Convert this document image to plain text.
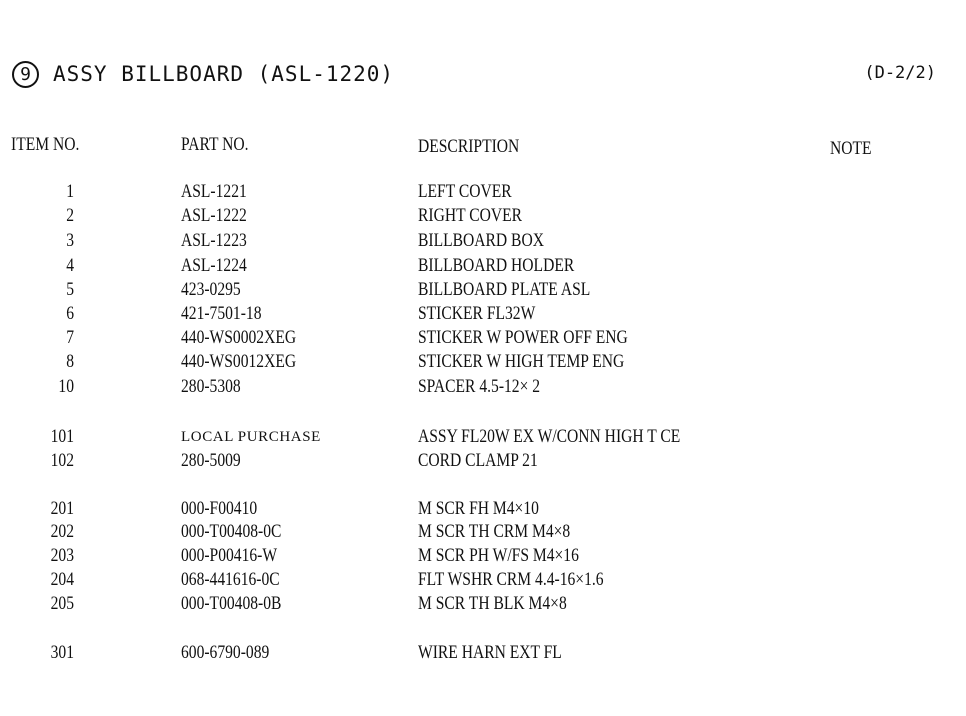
9	ASSY BILLBOARD (ASL-1220)	(D-2/2)
ITEM NO.	PART NO.	DESCRIPTION	NOTE
1	ASL-1221	LEFT COVER
2	ASL-1222	RIGHT COVER
3	ASL-1223	BILLBOARD BOX
4	ASL-1224	BILLBOARD HOLDER
5	423-0295	BILLBOARD PLATE ASL
6	421-7501-18	STICKER FL32W
7	440-WS0002XEG	STICKER W POWER OFF ENG
8	440-WS0012XEG	STICKER W HIGH TEMP ENG
10	280-5308	SPACER 4.5-12× 2
101	LOCAL PURCHASE	ASSY FL20W EX W/CONN HIGH T CE
102	280-5009	CORD CLAMP 21
201	000-F00410	M SCR FH M4×10
202	000-T00408-0C	M SCR TH CRM M4×8
203	000-P00416-W	M SCR PH W/FS M4×16
204	068-441616-0C	FLT WSHR CRM 4.4-16×1.6
205	000-T00408-0B	M SCR TH BLK M4×8
301	600-6790-089	WIRE HARN EXT FL
